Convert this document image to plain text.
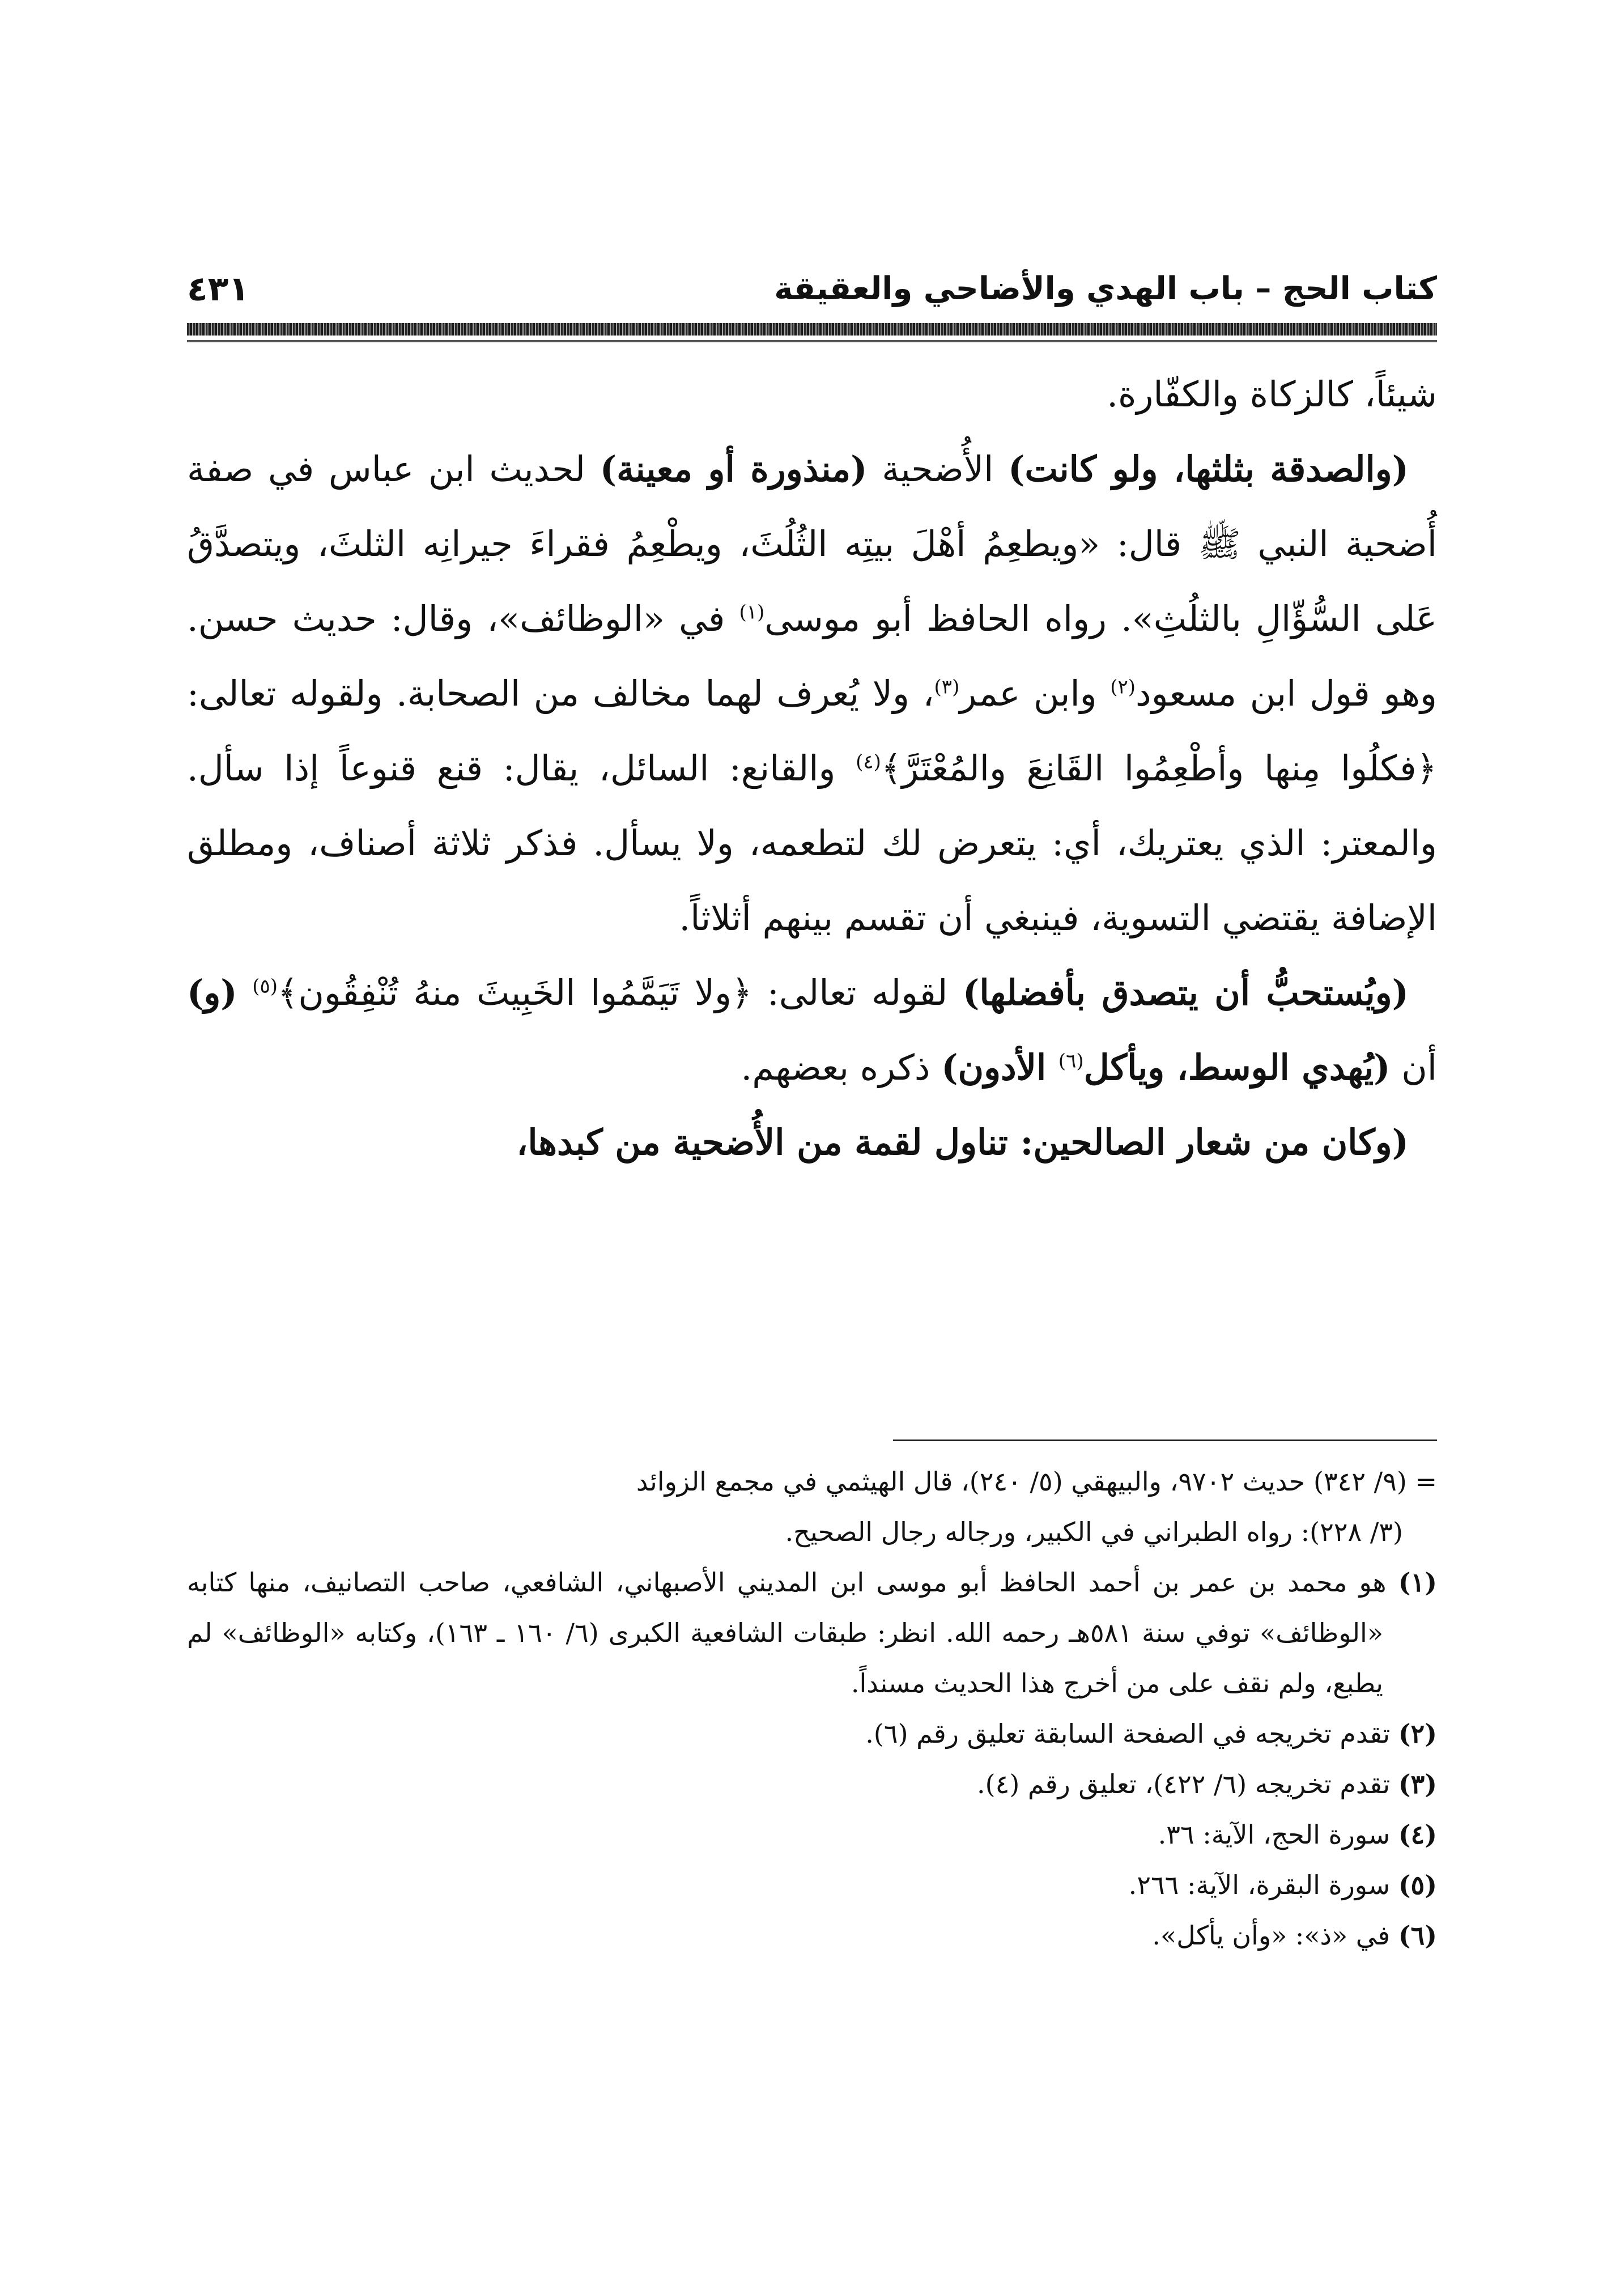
كتاب الحج – باب الهدي والأضاحي والعقيقة
٤٣١

شيئاً، كالزكاة والكفّارة.

(والصدقة بثلثها، ولو كانت) الأُضحية (منذورة أو معينة) لحديث ابن عباس في صفة أُضحية النبي ﷺ قال: «ويطعِمُ أهْلَ بيتِه الثُلُثَ، ويطْعِمُ فقراءَ جيرانِه الثلثَ، ويتصدَّقُ عَلى السُّؤّالِ بالثلُثِ». رواه الحافظ أبو موسى$^{(١)}$ في «الوظائف»، وقال: حديث حسن. وهو قول ابن مسعود$^{(٢)}$ وابن عمر$^{(٣)}$، ولا يُعرف لهما مخالف من الصحابة. ولقوله تعالى: ﴿فكلُوا مِنها وأطْعِمُوا القَانِعَ والمُعْتَرَّ﴾$^{(٤)}$ والقانع: السائل، يقال: قنع قنوعاً إذا سأل. والمعتر: الذي يعتريك، أي: يتعرض لك لتطعمه، ولا يسأل. فذكر ثلاثة أصناف، ومطلق الإضافة يقتضي التسوية، فينبغي أن تقسم بينهم أثلاثاً.

(ويُستحبُّ أن يتصدق بأفضلها) لقوله تعالى: ﴿ولا تَيَمَّمُوا الخَبِيثَ منهُ تُنْفِقُون﴾$^{(٥)}$ (و) أن (يُهدي الوسط، ويأكل$^{(٦)}$ الأدون) ذكره بعضهم.

(وكان من شعار الصالحين: تناول لقمة من الأُضحية من كبدها،

= (٩/ ٣٤٢) حديث ٩٧٠٢، والبيهقي (٥/ ٢٤٠)، قال الهيثمي في مجمع الزوائد
(٣/ ٢٢٨): رواه الطبراني في الكبير، ورجاله رجال الصحيح.

(١) هو محمد بن عمر بن أحمد الحافظ أبو موسى ابن المديني الأصبهاني، الشافعي، صاحب التصانيف، منها كتابه «الوظائف» توفي سنة ٥٨١هـ رحمه الله. انظر: طبقات الشافعية الكبرى (٦/ ١٦٠ ـ ١٦٣)، وكتابه «الوظائف» لم يطبع، ولم نقف على من أخرج هذا الحديث مسنداً.

(٢) تقدم تخريجه في الصفحة السابقة تعليق رقم (٦).

(٣) تقدم تخريجه (٦/ ٤٢٢)، تعليق رقم (٤).

(٤) سورة الحج، الآية: ٣٦.

(٥) سورة البقرة، الآية: ٢٦٦.

(٦) في «ذ»: «وأن يأكل».
